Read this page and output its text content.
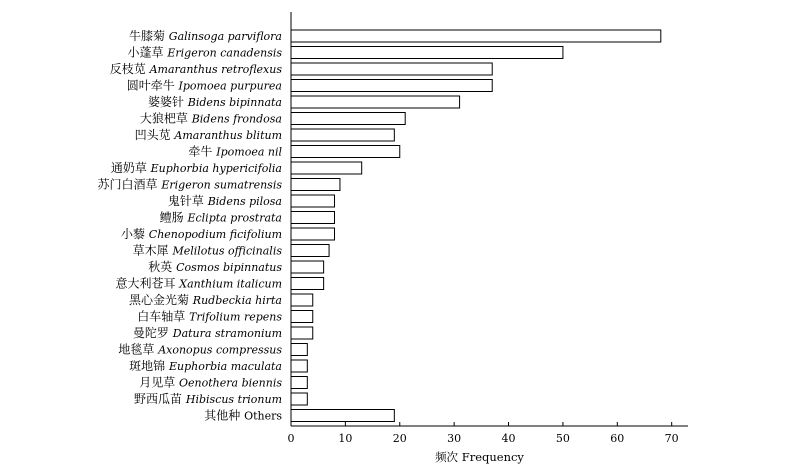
牛膝菊 Galinsoga parviflora
小蓬草 Erigeron canadensis
反枝苋 Amaranthus retroflexus
圆叶牵牛 Ipomoea purpurea
婆婆针 Bidens bipinnata
大狼杷草 Bidens frondosa
凹头苋 Amaranthus blitum
牵牛 Ipomoea nil
通奶草 Euphorbia hypericifolia
苏门白酒草 Erigeron sumatrensis
鬼针草 Bidens pilosa
鳢肠 Eclipta prostrata
小藜 Chenopodium ficifolium
草木犀 Melilotus officinalis
秋英 Cosmos bipinnatus
意大利苍耳 Xanthium italicum
黑心金光菊 Rudbeckia hirta
白车轴草 Trifolium repens
曼陀罗 Datura stramonium
地毯草 Axonopus compressus
斑地锦 Euphorbia maculata
月见草 Oenothera biennis
野西瓜苗 Hibiscus trionum
其他种 Others
0	10	20	30	40	50	60	70
频次 Frequency
